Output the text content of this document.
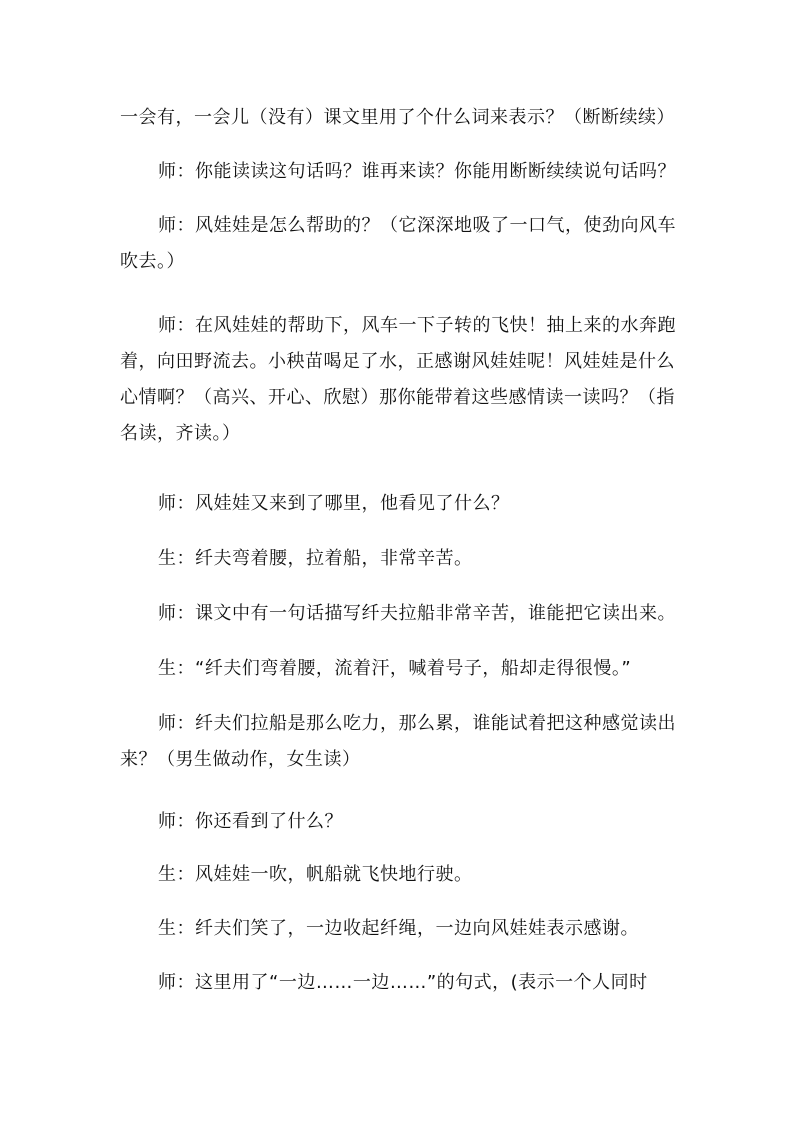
一会有，一会儿（没有）课文里用了个什么词来表示？（断断续续）

师：你能读读这句话吗？谁再来读？你能用断断续续说句话吗？

师：风娃娃是怎么帮助的？（它深深地吸了一口气，使劲向风车吹去。）

师：在风娃娃的帮助下，风车一下子转的飞快！抽上来的水奔跑着，向田野流去。小秧苗喝足了水，正感谢风娃娃呢！风娃娃是什么心情啊？（高兴、开心、欣慰）那你能带着这些感情读一读吗？（指名读，齐读。）

师：风娃娃又来到了哪里，他看见了什么？

生：纤夫弯着腰，拉着船，非常辛苦。

师：课文中有一句话描写纤夫拉船非常辛苦，谁能把它读出来。

生：“纤夫们弯着腰，流着汗，喊着号子，船却走得很慢。”

师：纤夫们拉船是那么吃力，那么累，谁能试着把这种感觉读出来？（男生做动作，女生读）

师：你还看到了什么？

生：风娃娃一吹，帆船就飞快地行驶。

生：纤夫们笑了，一边收起纤绳，一边向风娃娃表示感谢。

师：这里用了“一边……一边……”的句式，(表示一个人同时
